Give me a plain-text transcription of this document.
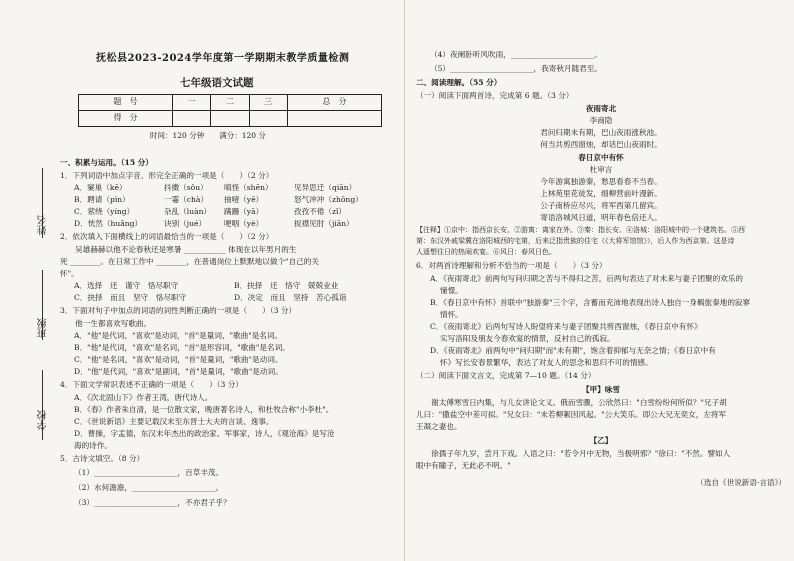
姓名
班级
学校
抚松县2023-2024学年度第一学期期末教学质量检测
七年级语文试题
题　号	一	二	三	总　分
得　分				
时间：120 分钟　　满分：120 分
一、积累与运用。（15 分）
1．下列词语中加点字音、形完全正确的一项是（　　）（2 分）
A．窠巢（kē）	抖擞（sǒu）	嗔怪（shēn）	见异思迁（qiān）
B．聘请（pìn）	一霎（chà）	抽噎（yē）	怒气冲冲（zhōng）
C．萦绕（yíng）	杂乱（luàn）	蹒跚（yā）	孜孜不倦（zǐ）
D．恍然（huǎng）	诀别（jué）	哽咽（yè）	捉襟见肘（jiān）
2．依次填入下面横线上的词语最恰当的一项是（　　）（2 分）
　　吴雄赫赫以他不论春秋还是寒暑 ___________ 体现在以年男月的生
死 ________。在日常工作中 ________，在普通岗位上默默地以做个"自己的关
怀"。
A．选择　还　谨守　恪尽职守	B．抉择　还　恪守　兢兢业业
C．抉择　而且　坚守　恪尽职守	D．决定　而且　坚持　苦心孤诣
3．下面对句子中加点的词语的词性判断正确的一项是（　　）（3 分）
　　他一生都喜欢写歌曲。
A．"他"是代词，"喜欢"是动词，"首"是量词，"歌曲"是名词。
B．"他"是代词，"喜欢"是名词，"首"是形容词，"歌曲"是名词。
C．"他"是名词，"喜欢"是动词，"首"是量词，"歌曲"是动词。
D．"他"是代词，"喜欢"是副词，"首"是量词，"歌曲"是动词。
4．下面文学常识表述不正确的一项是（　　）（3 分）
A．《次北固山下》作者王湾，唐代诗人。
B．《春》作者朱自清，是一位散文家，晚唐著名诗人，和杜牧合称"小李杜"。
C．《世说新语》主要记载汉末至东晋士大夫的言谈、逸事。
D．曹操，字孟德，东汉末年杰出的政治家、军事家，诗人，《观沧海》是写沧
海的诗作。
5．古诗文填空。（8 分）
（1）______________________，百草丰茂。
（2）水何澹澹，______________________。
（3）______________________，不亦君子乎？
（4）夜阑卧听风吹雨，______________________。
（5）______________________，我寄秋月随君至。
二、阅读理解。（55 分）
（一）阅读下面两首诗，完成第 6 题。（3 分）
夜雨寄北
李商隐
君问归期未有期，巴山夜雨涨秋池。
何当共剪西窗烛，却话巴山夜雨时。
春日京中有怀
杜审言
今年游寓独游秦，愁思看春不当春。
上林苑里花徒发，细柳营前叶漫新。
公子南桥应尽兴，将军西第几留宾。
寄语洛城风日道，明年春色倍还人。
【注释】①京中：指西京长安。②游寓：离家在外。③秦：指长安。④洛城：洛阳城中的一个建筑名。⑤西
第：东汉外戚梁冀在洛阳城西的宅第，后来泛指贵族的住宅（《大将军馆馆》），后人作为西京第。这是诗
人遥想往日的热闹欢宴。⑥风日：春风日色。
6．对两首诗理解和分析不恰当的一项是（　　）（3 分）
A．《夜雨寄北》前两句写问归期之苦与不得归之苦，后两句表达了对未来与妻子团聚的欢乐的
憧憬。
B．《春日京中有怀》首联中"独游秦"三个字，含蓄而充沛地表现出诗人独自一身羁旅秦地的寂寥
情怀。
C．《夜雨寄北》后两句写诗人盼望将来与妻子团聚共剪西窗烛，《春日京中有怀》
实写洛阳及朋友今春欢宴的情景，反衬自己的孤寂。
D．《夜雨寄北》前两句中"问归期"而"未有期"，饱含着抑郁与无奈之情；《春日京中有
怀》写长安春景繁华，表达了对友人的思念和思归不可的情感。
（二）阅读下面文言文，完成第 7—10 题。（14 分）
【甲】咏雪
　　谢太傅寒雪日内集，与儿女讲论文义。俄而雪骤，公欣然曰："白雪纷纷何所似？"兄子胡
儿曰："撒盐空中差可拟。"兄女曰："未若柳絮因风起。"公大笑乐。即公大兄无奕女，左将军
王凝之妻也。
【乙】
　　徐孺子年九岁，尝月下戏。人语之曰："若令月中无物，当极明邪？"徐曰："不然。譬如人
眼中有瞳子，无此必不明。"
（选自《世说新语·言语》）
